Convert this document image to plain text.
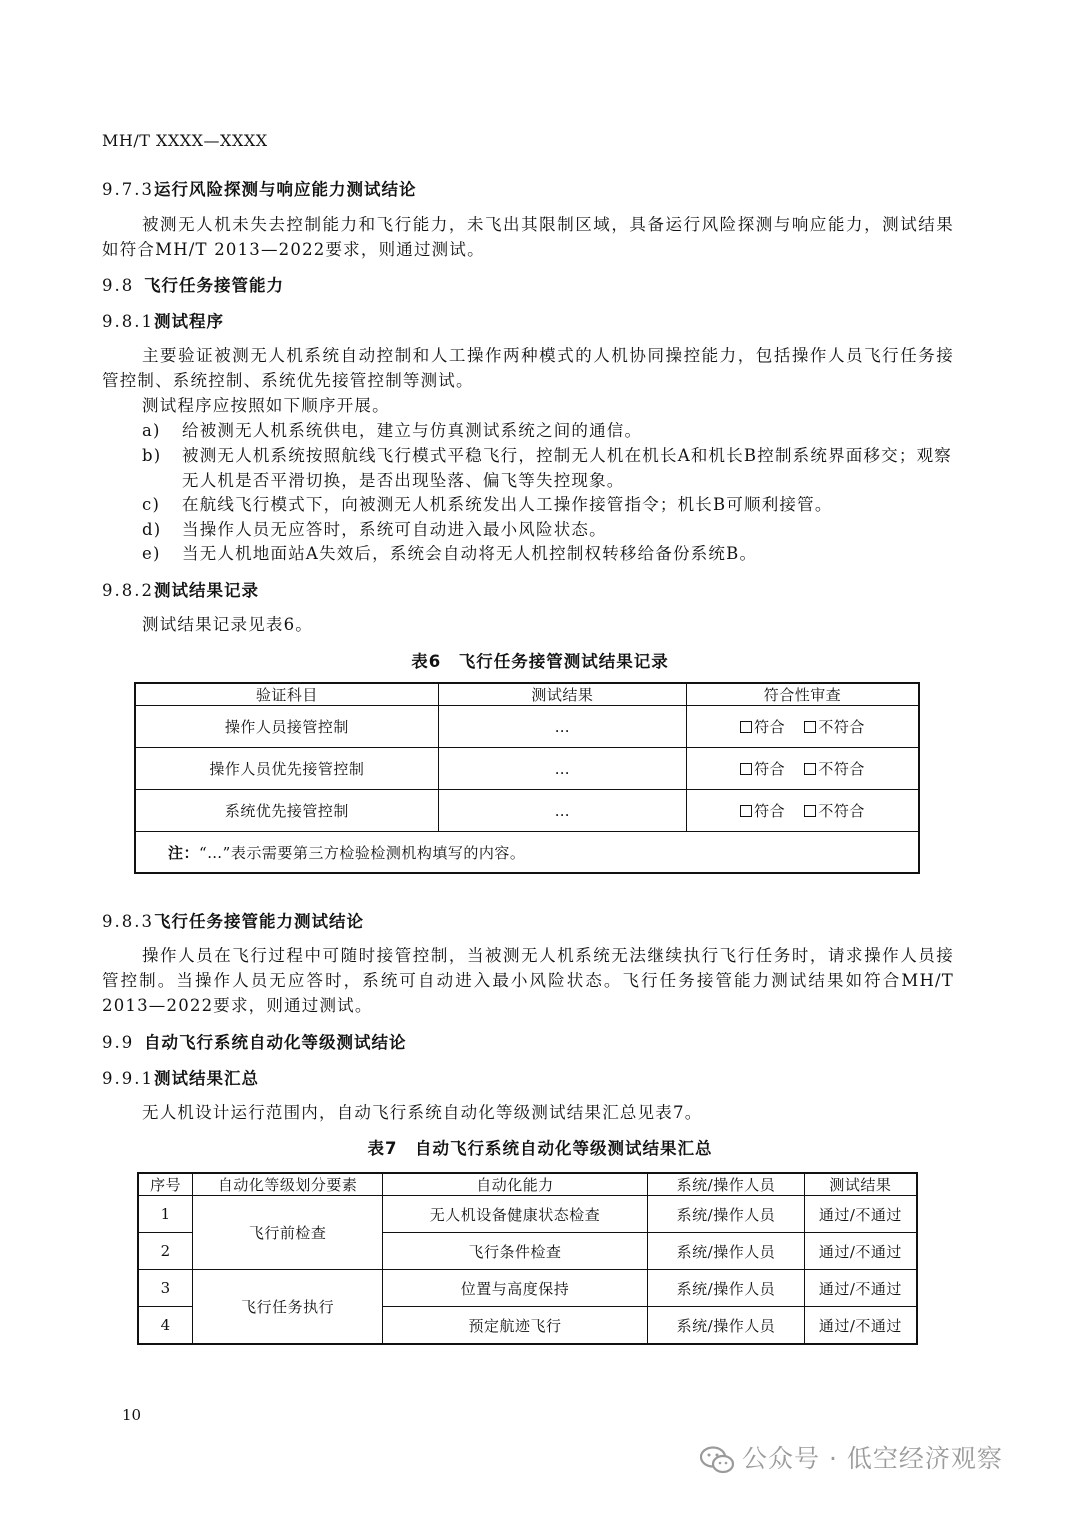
MH/T XXXX—XXXX
9.7.3运行风险探测与响应能力测试结论
被测无人机未失去控制能力和飞行能力，未飞出其限制区域，具备运行风险探测与响应能力，测试结果如符合MH/T 2013—2022要求，则通过测试。
9.8 飞行任务接管能力
9.8.1测试程序
主要验证被测无人机系统自动控制和人工操作两种模式的人机协同操控能力，包括操作人员飞行任务接管控制、系统控制、系统优先接管控制等测试。
测试程序应按照如下顺序开展。
a) 给被测无人机系统供电，建立与仿真测试系统之间的通信。
b) 被测无人机系统按照航线飞行模式平稳飞行，控制无人机在机长A和机长B控制系统界面移交；观察无人机是否平滑切换，是否出现坠落、偏飞等失控现象。
c) 在航线飞行模式下，向被测无人机系统发出人工操作接管指令；机长B可顺利接管。
d) 当操作人员无应答时，系统可自动进入最小风险状态。
e) 当无人机地面站A失效后，系统会自动将无人机控制权转移给备份系统B。
9.8.2测试结果记录
测试结果记录见表6。
表6　飞行任务接管测试结果记录
验证科目	测试结果	符合性审查
操作人员接管控制	…	符合 不符合
操作人员优先接管控制	…	符合 不符合
系统优先接管控制	…	符合 不符合
注：“…”表示需要第三方检验检测机构填写的内容。		
9.8.3飞行任务接管能力测试结论
操作人员在飞行过程中可随时接管控制，当被测无人机系统无法继续执行飞行任务时，请求操作人员接管控制。当操作人员无应答时，系统可自动进入最小风险状态。飞行任务接管能力测试结果如符合MH/T 2013—2022要求，则通过测试。
9.9 自动飞行系统自动化等级测试结论
9.9.1测试结果汇总
无人机设计运行范围内，自动飞行系统自动化等级测试结果汇总见表7。
表7　自动飞行系统自动化等级测试结果汇总
序号	自动化等级划分要素	自动化能力	系统/操作人员	测试结果
1	飞行前检查	无人机设备健康状态检查	系统/操作人员	通过/不通过
2		飞行条件检查	系统/操作人员	通过/不通过
3	飞行任务执行	位置与高度保持	系统/操作人员	通过/不通过
4		预定航迹飞行	系统/操作人员	通过/不通过
10
公众号 · 低空经济观察
